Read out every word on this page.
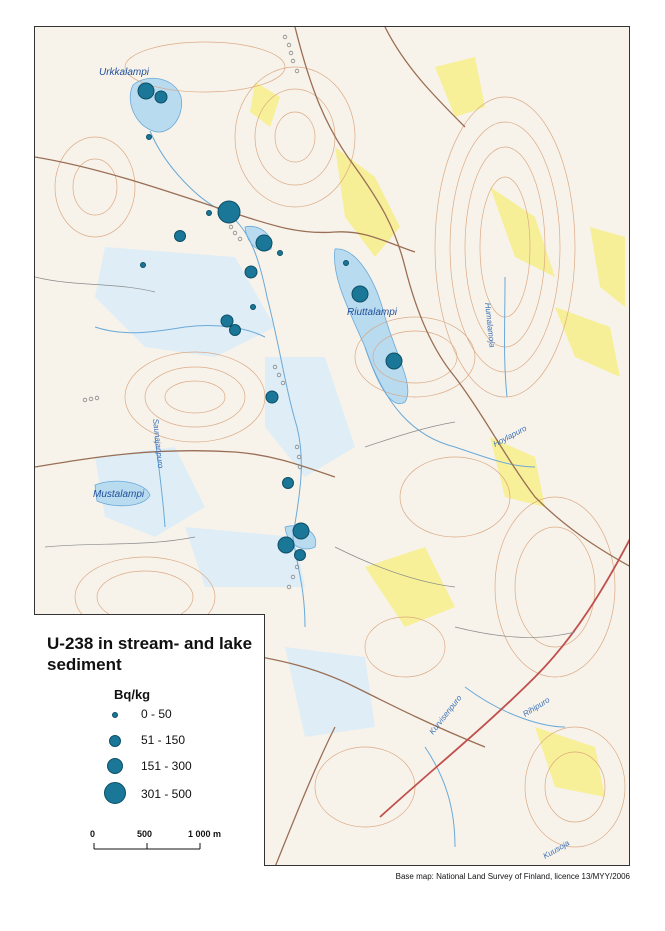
Urkkalampi
Riuttalampi
Mustalampi
Humalamoja
Hoylapuro
Saunajanpuro
Kurvisenpuro	Rihipuro
Kuusoja
U-238 in stream- and lake sediment
Bq/kg
0 - 50
51 - 150
151 - 300
301 - 500
0	500	1 000 m
Base map: National Land Survey of Finland, licence 13/MYY/2006
